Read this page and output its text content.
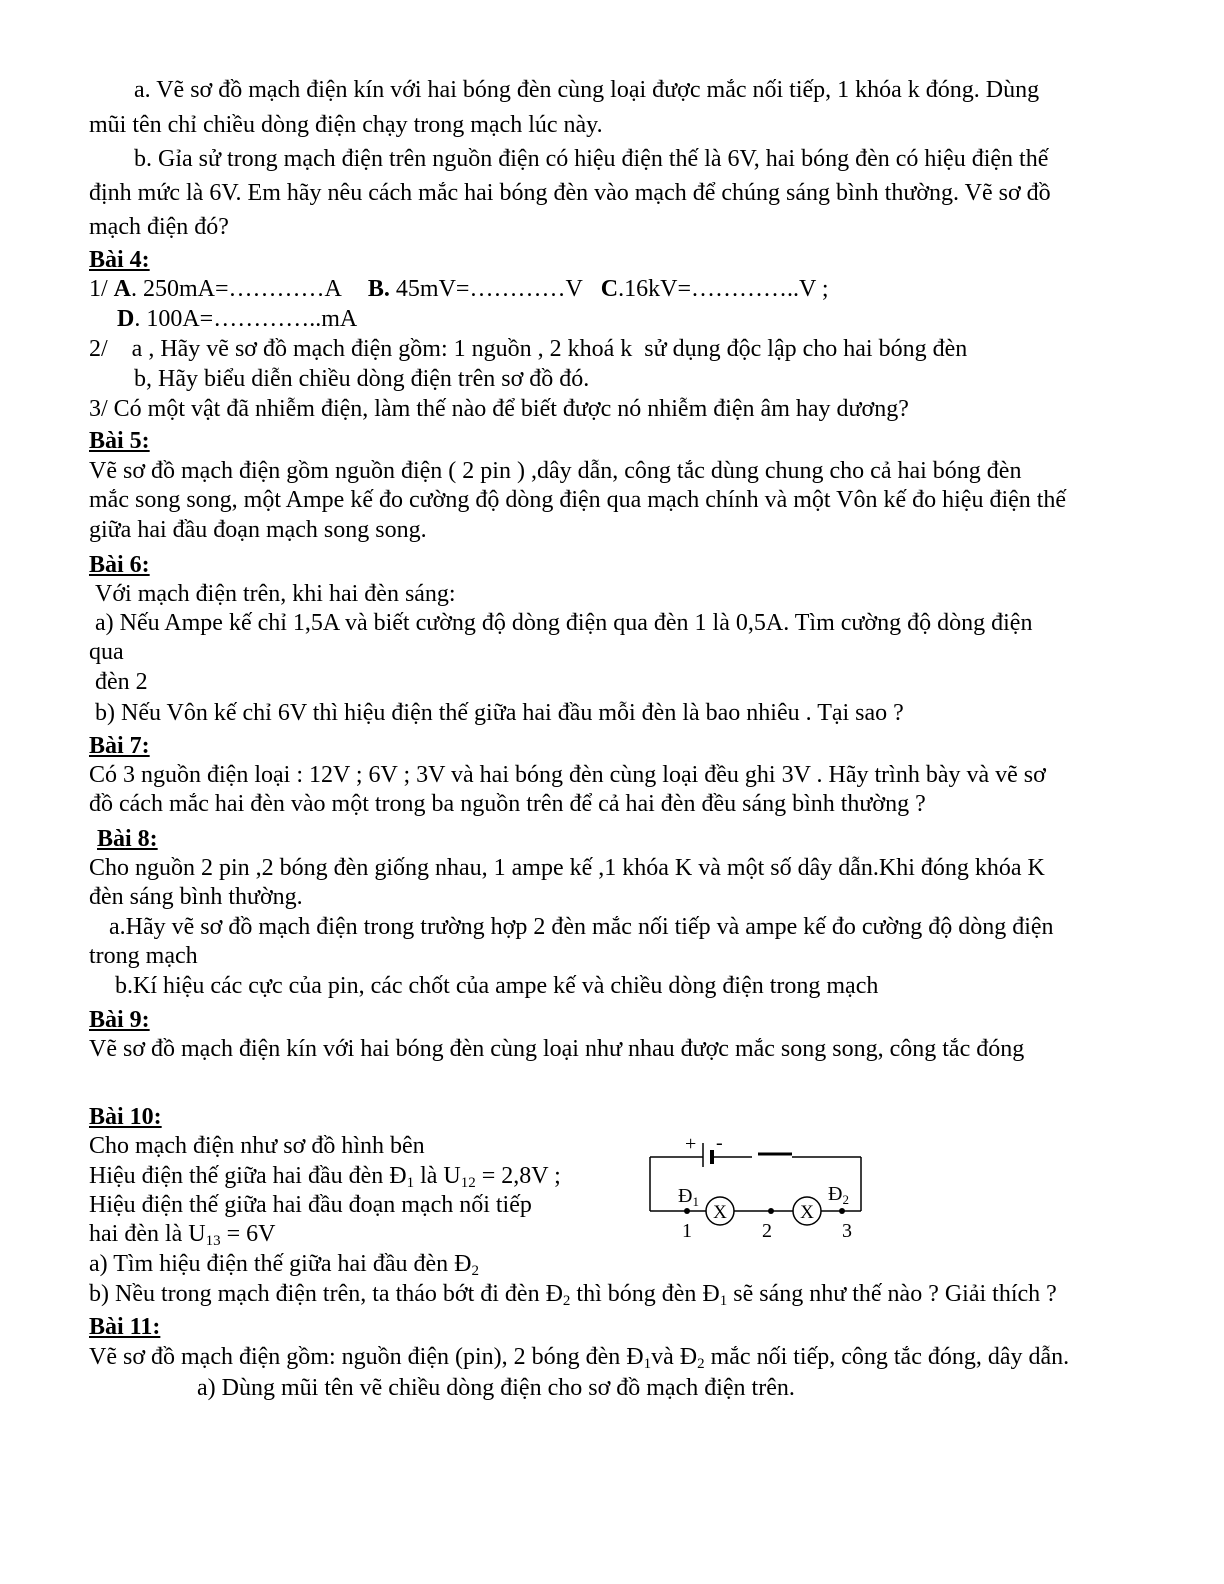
a. Vẽ sơ đồ mạch điện kín với hai bóng đèn cùng loại được mắc nối tiếp, 1 khóa k đóng. Dùng
mũi tên chỉ chiều dòng điện chạy trong mạch lúc này.
b. Gỉa sử trong mạch điện trên nguồn điện có hiệu điện thế là 6V, hai bóng đèn có hiệu điện thế
định mức là 6V. Em hãy nêu cách mắc hai bóng đèn vào mạch để chúng sáng bình thường. Vẽ sơ đồ
mạch điện đó?
Bài 4:
1/ A. 250mA=…………A B. 45mV=…………V C.16kV=…………..V ;
D. 100A=…………..mA
2/    a , Hãy vẽ sơ đồ mạch điện gồm: 1 nguồn , 2 khoá k  sử dụng độc lập cho hai bóng đèn
b, Hãy biểu diễn chiều dòng điện trên sơ đồ đó.
3/ Có một vật đã nhiễm điện, làm thế nào để biết được nó nhiễm điện âm hay dương?
Bài 5:
Vẽ sơ đồ mạch điện gồm nguồn điện ( 2 pin ) ,dây dẫn, công tắc dùng chung cho cả hai bóng đèn
mắc song song, một Ampe kế đo cường độ dòng điện qua mạch chính và một Vôn kế đo hiệu điện thế
giữa hai đầu đoạn mạch song song.
Bài 6:
Với mạch điện trên, khi hai đèn sáng:
a) Nếu Ampe kế chỉ 1,5A và biết cường độ dòng điện qua đèn 1 là 0,5A. Tìm cường độ dòng điện
qua
đèn 2
b) Nếu Vôn kế chỉ 6V thì hiệu điện thế giữa hai đầu mỗi đèn là bao nhiêu . Tại sao ?
Bài 7:
Có 3 nguồn điện loại : 12V ; 6V ; 3V và hai bóng đèn cùng loại đều ghi 3V . Hãy trình bày và vẽ sơ
đồ cách mắc hai đèn vào một trong ba nguồn trên để cả hai đèn đều sáng bình thường ?
Bài 8:
Cho nguồn 2 pin ,2 bóng đèn giống nhau, 1 ampe kế ,1 khóa K và một số dây dẫn.Khi đóng khóa K
đèn sáng bình thường.
a.Hãy vẽ sơ đồ mạch điện trong trường hợp 2 đèn mắc nối tiếp và ampe kế đo cường độ dòng điện
trong mạch
b.Kí hiệu các cực của pin, các chốt của ampe kế và chiều dòng điện trong mạch
Bài 9:
Vẽ sơ đồ mạch điện kín với hai bóng đèn cùng loại như nhau được mắc song song, công tắc đóng
Bài 10:
Cho mạch điện như sơ đồ hình bên
Hiệu điện thế giữa hai đầu đèn $Đ_1$ là $U_{12} = 2,8V$ ;
Hiệu điện thế giữa hai đầu đoạn mạch nối tiếp
hai đèn là $U_{13} = 6V$
a) Tìm hiệu điện thế giữa hai đầu đèn $Đ_2$
b) Nều trong mạch điện trên, ta tháo bớt đi đèn $Đ_2$ thì bóng đèn $Đ_1$ sẽ sáng như thế nào ? Giải thích ?
+ -
X	X
$Đ_1$	$Đ_2$
1	2	3
Bài 11:
Vẽ sơ đồ mạch điện gồm: nguồn điện (pin), 2 bóng đèn $Đ_1và$ $Đ_2$ mắc nối tiếp, công tắc đóng, dây dẫn.
a) Dùng mũi tên vẽ chiều dòng điện cho sơ đồ mạch điện trên.
